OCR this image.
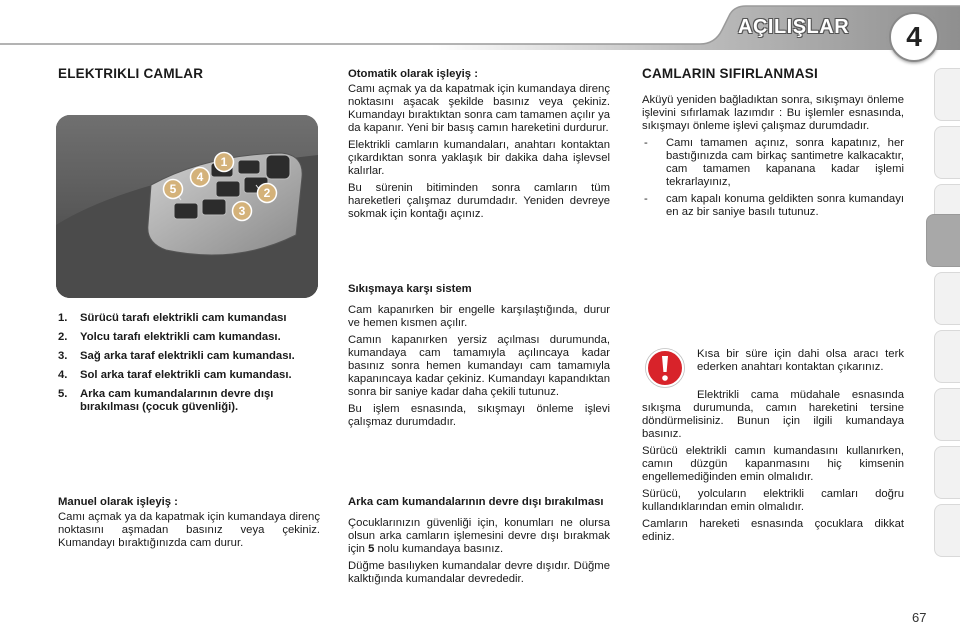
AÇILIŞLAR	4
ELEKTRIKLI CAMLAR
1
2
3
4
5
1.	Sürücü tarafı elektrikli cam kumandası
2.	Yolcu tarafı elektrikli cam kumandası.
3.	Sağ arka taraf elektrikli cam kumandası.
4.	Sol arka taraf elektrikli cam kumandası.
5.	Arka cam kumandalarının devre dışı bırakılması (çocuk güvenliği).
Manuel olarak işleyiş :

Camı açmak ya da kapatmak için kumandaya direnç noktasını aşmadan basınız veya çekiniz. Kumandayı bıraktığınızda cam durur.

Otomatik olarak işleyiş :

Camı açmak ya da kapatmak için kumandaya direnç noktasını aşacak şekilde basınız veya çekiniz. Kumandayı bıraktıktan sonra cam tamamen açılır ya da kapanır. Yeni bir basış camın hareketini durdurur.

Elektrikli camların kumandaları, anahtarı kontaktan çıkardıktan sonra yaklaşık bir dakika daha işlevsel kalırlar.

Bu sürenin bitiminden sonra camların tüm hareketleri çalışmaz durumdadır. Yeniden devreye sokmak için kontağı açınız.

Sıkışmaya karşı sistem

Cam kapanırken bir engelle karşılaştığında, durur ve hemen kısmen açılır.

Camın kapanırken yersiz açılması durumunda, kumandaya cam tamamıyla açılıncaya kadar basınız sonra hemen kumandayı cam tamamıyla kapanıncaya kadar çekiniz. Kumandayı kapandıktan sonra bir saniye kadar daha çekili tutunuz.

Bu işlem esnasında, sıkışmayı önleme işlevi çalışmaz durumdadır.

Arka cam kumandalarının devre dışı bırakılması

Çocuklarınızın güvenliği için, konumları ne olursa olsun arka camların işlemesini devre dışı bırakmak için 5 nolu kumandaya basınız.

Düğme basılıyken kumandalar devre dışıdır. Düğme kalktığında kumandalar devrededir.

CAMLARIN SIFIRLANMASI

Aküyü yeniden bağladıktan sonra, sıkışmayı önleme işlevini sıfırlamak lazımdır : Bu işlemler esnasında, sıkışmayı önleme işlevi çalışmaz durumdadır.

-	Camı tamamen açınız, sonra kapatınız, her bastığınızda cam birkaç santimetre kalkacaktır, cam tamamen kapanana kadar işlemi tekrarlayınız,
-	cam kapalı konuma geldikten sonra kumandayı en az bir saniye basılı tutunuz.

Kısa bir süre için dahi olsa aracı terk ederken anahtarı kontaktan çıkarınız.

Elektrikli cama müdahale esnasında sıkışma durumunda, camın hareketini tersine döndürmelisiniz. Bunun için ilgili kumandaya basınız.

Sürücü elektrikli camın kumandasını kullanırken, camın düzgün kapanmasını hiç kimsenin engellemediğinden emin olmalıdır.

Sürücü, yolcuların elektrikli camları doğru kullandıklarından emin olmalıdır.

Camların hareketi esnasında çocuklara dikkat ediniz.

67
